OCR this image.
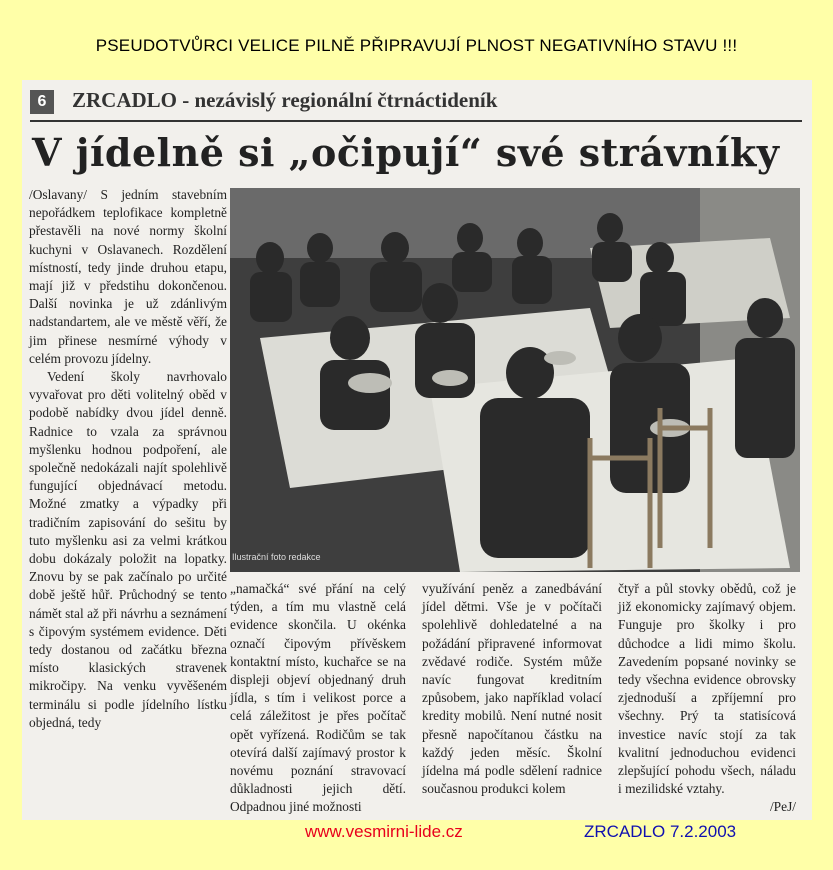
PSEUDOTVŮRCI VELICE PILNĚ PŘIPRAVUJÍ PLNOST NEGATIVNÍHO STAVU !!!
6	ZRCADLO - nezávislý regionální čtrnáctideník
V jídelně si „očipují“ své strávníky

/Oslavany/ S jedním stavebním nepořádkem teplofikace kompletně přestavěli na nové normy školní kuchyni v Oslavanech. Rozdělení místností, tedy jinde druhou etapu, mají již v předstihu dokončenou. Další novinka je už zdánlivým nadstandartem, ale ve městě věří, že jim přinese nesmírné výhody v celém provozu jídelny.

Vedení školy navrhovalo vyvařovat pro děti volitelný oběd v podobě nabídky dvou jídel denně. Radnice to vzala za správnou myšlenku hodnou podpoření, ale společně nedokázali najít spolehlivě fungující objednávací metodu. Možné zmatky a výpadky při tradičním zapisování do sešitu by tuto myšlenku asi za velmi krátkou dobu dokázaly položit na lopatky. Znovu by se pak začínalo po určité době ještě hůř. Průchodný se tento námět stal až při návrhu a seznámení s čipovým systémem evidence. Děti tedy dostanou od začátku března místo klasických stravenek mikročipy. Na venku vyvěšeném terminálu si podle jídelního lístku objedná, tedy

Ilustrační foto redakce

„namačká“ své přání na celý týden, a tím mu vlastně celá evidence skončila. U okénka označí čipovým přívěskem kontaktní místo, kuchařce se na displeji objeví objednaný druh jídla, s tím i velikost porce a celá záležitost je přes počítač opět vyřízená. Rodičům se tak otevírá další zajímavý prostor k novému poznání stravovací důkladnosti jejich dětí. Odpadnou jiné možnosti

využívání peněz a zanedbávání jídel dětmi. Vše je v počítači spolehlivě dohledatelné a na požádání připravené informovat zvědavé rodiče. Systém může navíc fungovat kreditním způsobem, jako například volací kredity mobilů. Není nutné nosit přesně napočítanou částku na každý jeden měsíc. Školní jídelna má podle sdělení radnice současnou produkci kolem

čtyř a půl stovky obědů, což je již ekonomicky zajímavý objem. Funguje pro školky i pro důchodce a lidi mimo školu. Zavedením popsané novinky se tedy všechna evidence obrovsky zjednoduší a zpříjemní pro všechny. Prý ta statisícová investice navíc stojí za tak kvalitní jednoduchou evidenci zlepšující pohodu všech, náladu i mezilidské vztahy.

/PeJ/
www.vesmirni-lide.cz	ZRCADLO 7.2.2003
